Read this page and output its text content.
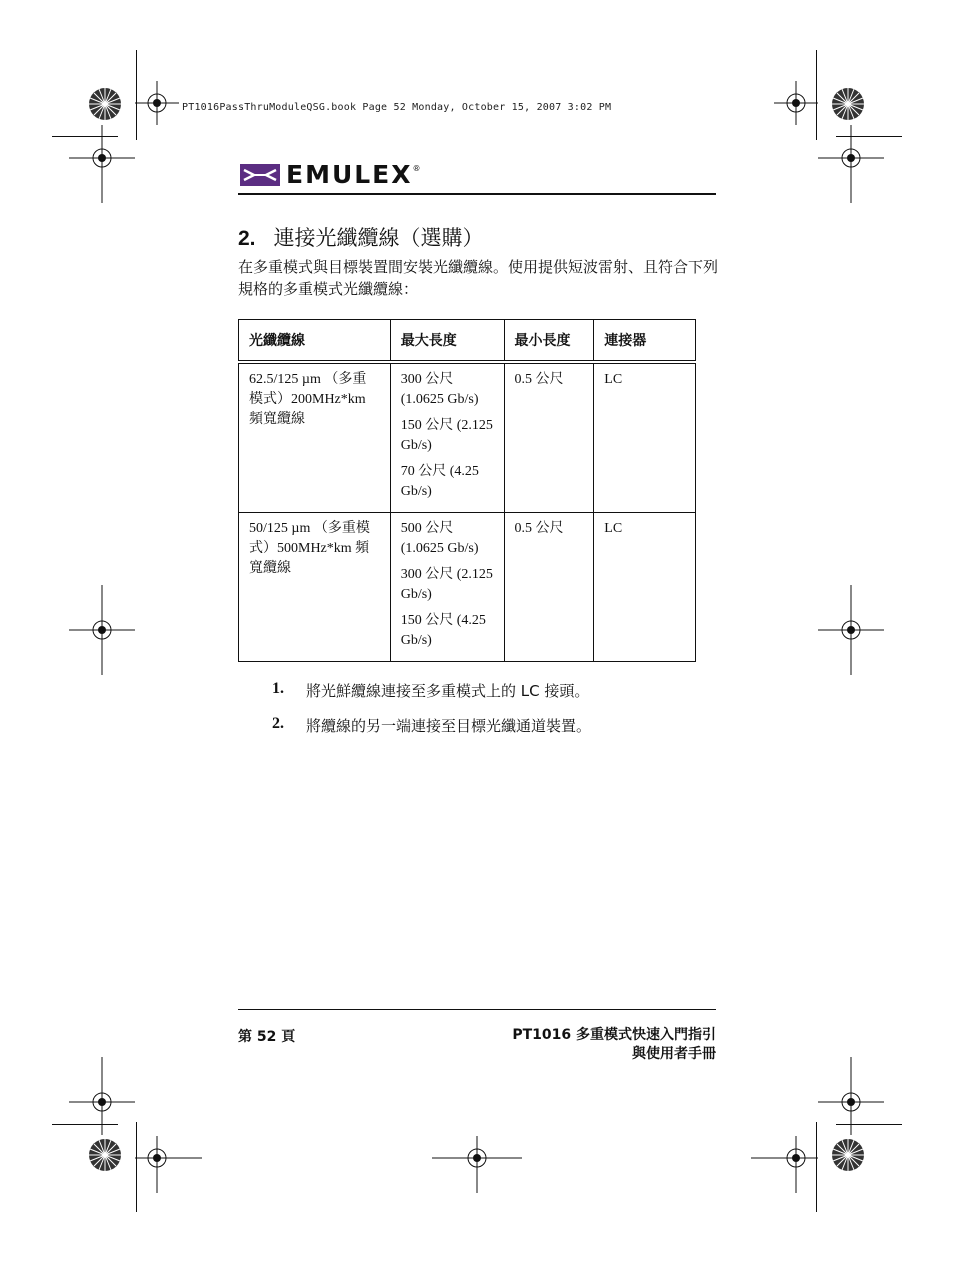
PT1016PassThruModuleQSG.book Page 52 Monday, October 15, 2007 3:02 PM
EMULEX ®
2. 連接光纖纜線（選購）
在多重模式與目標裝置間安裝光纖纜線。使用提供短波雷射、且符合下列規格的多重模式光纖纜線：
光纖纜線	最大長度	最小長度	連接器
62.5/125 µm （多重模式）200MHz*km 頻寬纜線	300 公尺 (1.0625 Gb/s)

150 公尺 (2.125 Gb/s)

70 公尺 (4.25 Gb/s)	0.5 公尺	LC
50/125 µm （多重模式）500MHz*km 頻寬纜線	500 公尺 (1.0625 Gb/s)

300 公尺 (2.125 Gb/s)

150 公尺 (4.25 Gb/s)	0.5 公尺	LC
1.	將光鮮纜線連接至多重模式上的 LC 接頭。
2.	將纜線的另一端連接至目標光纖通道裝置。
第 52 頁	PT1016 多重模式快速入門指引
與使用者手冊
